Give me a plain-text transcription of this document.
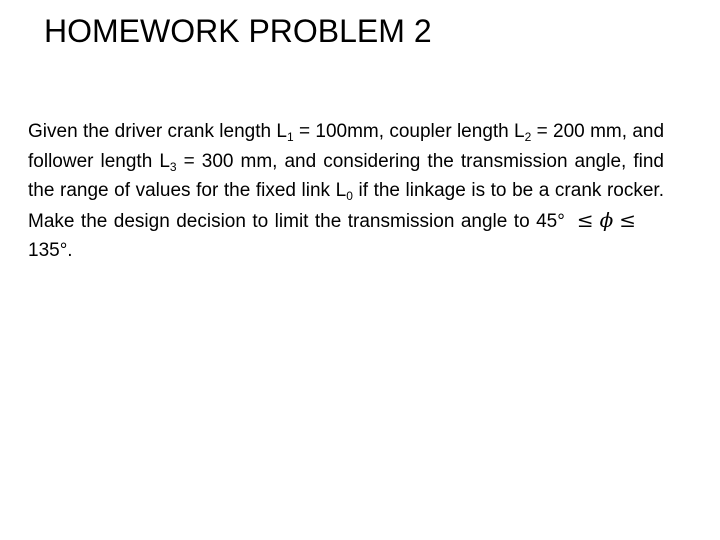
HOMEWORK PROBLEM 2
Given the driver crank length $L_1 = 100mm$, coupler length $L_2 = 200$ mm, and follower length $L_3 = 300$ mm, and considering the transmission angle, find the range of values for the fixed link $L_0$ if the linkage is to be a crank rocker. Make the design decision to limit the transmission angle to 45° ≤ ϕ ≤135°.
